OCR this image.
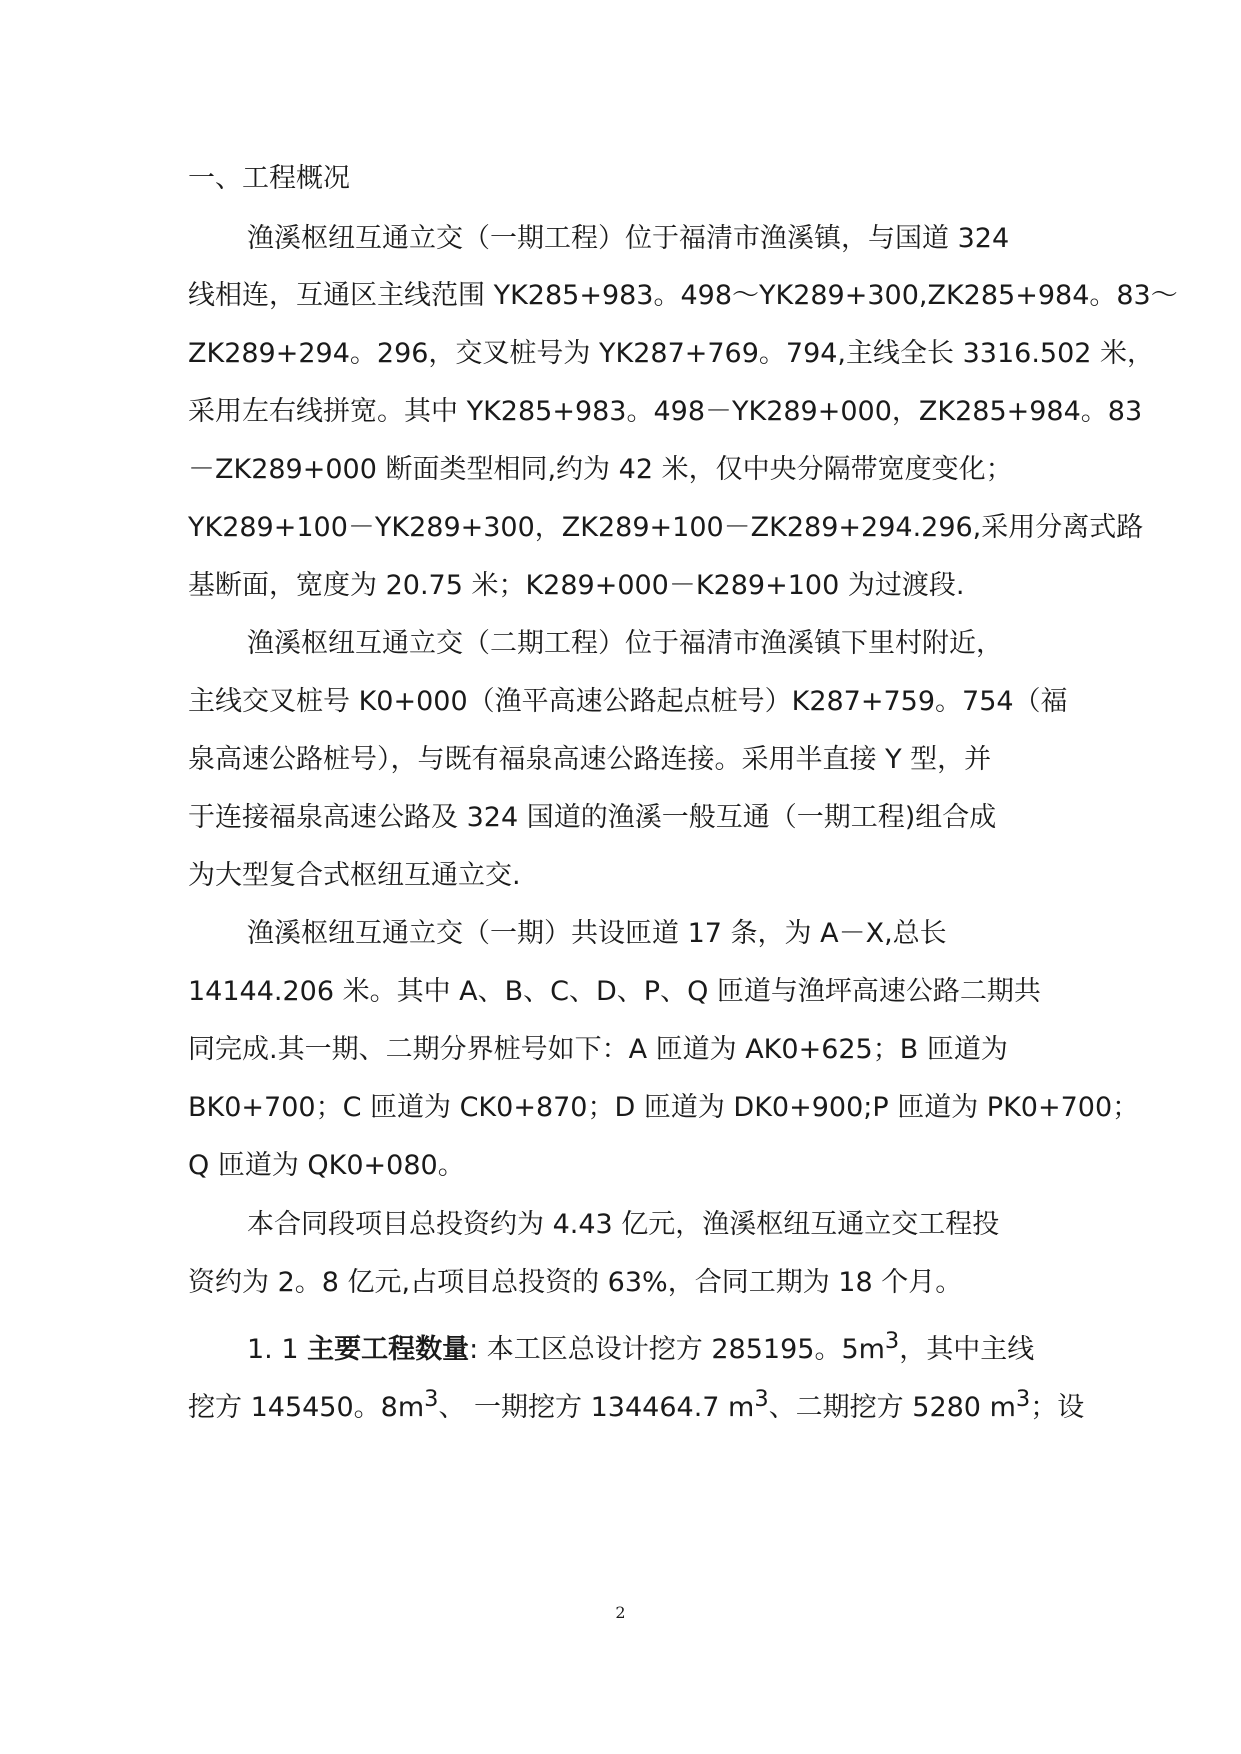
一、工程概况
渔溪枢纽互通立交（一期工程）位于福清市渔溪镇，与国道 324
线相连，互通区主线范围 YK285+983。498～YK289+300,ZK285+984。83～
ZK289+294。296，交叉桩号为 YK287+769。794,主线全长 3316.502 米，
采用左右线拼宽。其中 YK285+983。498－YK289+000，ZK285+984。83
－ZK289+000 断面类型相同,约为 42 米，仅中央分隔带宽度变化；
YK289+100－YK289+300，ZK289+100－ZK289+294.296,采用分离式路
基断面，宽度为 20.75 米；K289+000－K289+100 为过渡段.
渔溪枢纽互通立交（二期工程）位于福清市渔溪镇下里村附近，
主线交叉桩号 K0+000（渔平高速公路起点桩号）K287+759。754（福
泉高速公路桩号），与既有福泉高速公路连接。采用半直接 Y 型，并
于连接福泉高速公路及 324 国道的渔溪一般互通（一期工程)组合成
为大型复合式枢纽互通立交.
渔溪枢纽互通立交（一期）共设匝道 17 条，为 A－X,总长
14144.206 米。其中 A、B、C、D、P、Q 匝道与渔坪高速公路二期共
同完成.其一期、二期分界桩号如下：A 匝道为 AK0+625；B 匝道为
BK0+700；C 匝道为 CK0+870；D 匝道为 DK0+900;P 匝道为 PK0+700；
Q 匝道为 QK0+080。
本合同段项目总投资约为 4.43 亿元，渔溪枢纽互通立交工程投
资约为 2。8 亿元,占项目总投资的 63%，合同工期为 18 个月。
1. 1 主要工程数量: 本工区总设计挖方 285195。$5m^3$，其中主线
挖方 145450。$8m^3$、 一期挖方 134464.7 $m^3$、二期挖方 5280 $m^3$；设
2
